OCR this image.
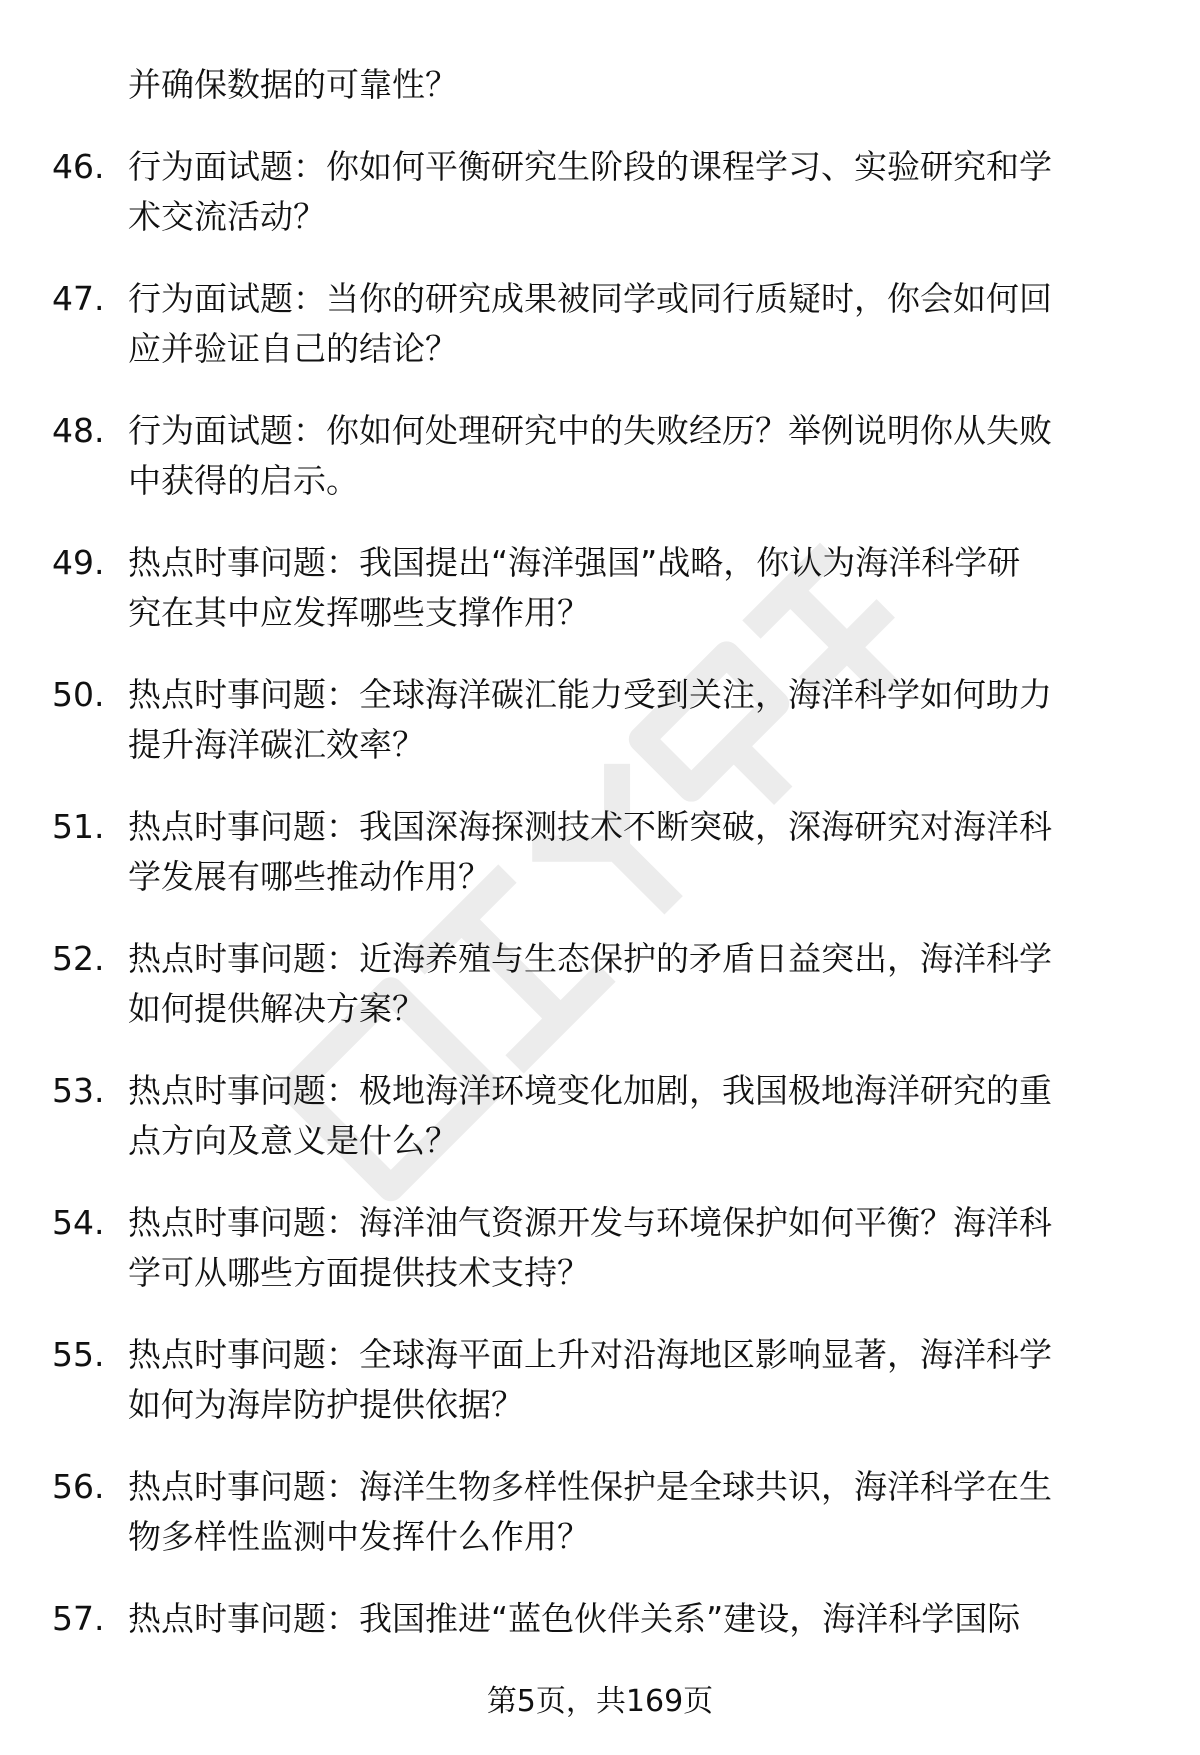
并确保数据的可靠性？
46. 行为面试题：你如何平衡研究生阶段的课程学习、实验研究和学
术交流活动？
47. 行为面试题：当你的研究成果被同学或同行质疑时，你会如何回
应并验证自己的结论？
48. 行为面试题：你如何处理研究中的失败经历？举例说明你从失败
中获得的启示。
49. 热点时事问题：我国提出“海洋强国”战略，你认为海洋科学研
究在其中应发挥哪些支撑作用？
50. 热点时事问题：全球海洋碳汇能力受到关注，海洋科学如何助力
提升海洋碳汇效率？
51. 热点时事问题：我国深海探测技术不断突破，深海研究对海洋科
学发展有哪些推动作用？
52. 热点时事问题：近海养殖与生态保护的矛盾日益突出，海洋科学
如何提供解决方案？
53. 热点时事问题：极地海洋环境变化加剧，我国极地海洋研究的重
点方向及意义是什么？
54. 热点时事问题：海洋油气资源开发与环境保护如何平衡？海洋科
学可从哪些方面提供技术支持？
55. 热点时事问题：全球海平面上升对沿海地区影响显著，海洋科学
如何为海岸防护提供依据？
56. 热点时事问题：海洋生物多样性保护是全球共识，海洋科学在生
物多样性监测中发挥什么作用？
57. 热点时事问题：我国推进“蓝色伙伴关系”建设，海洋科学国际
第5页，共169页
